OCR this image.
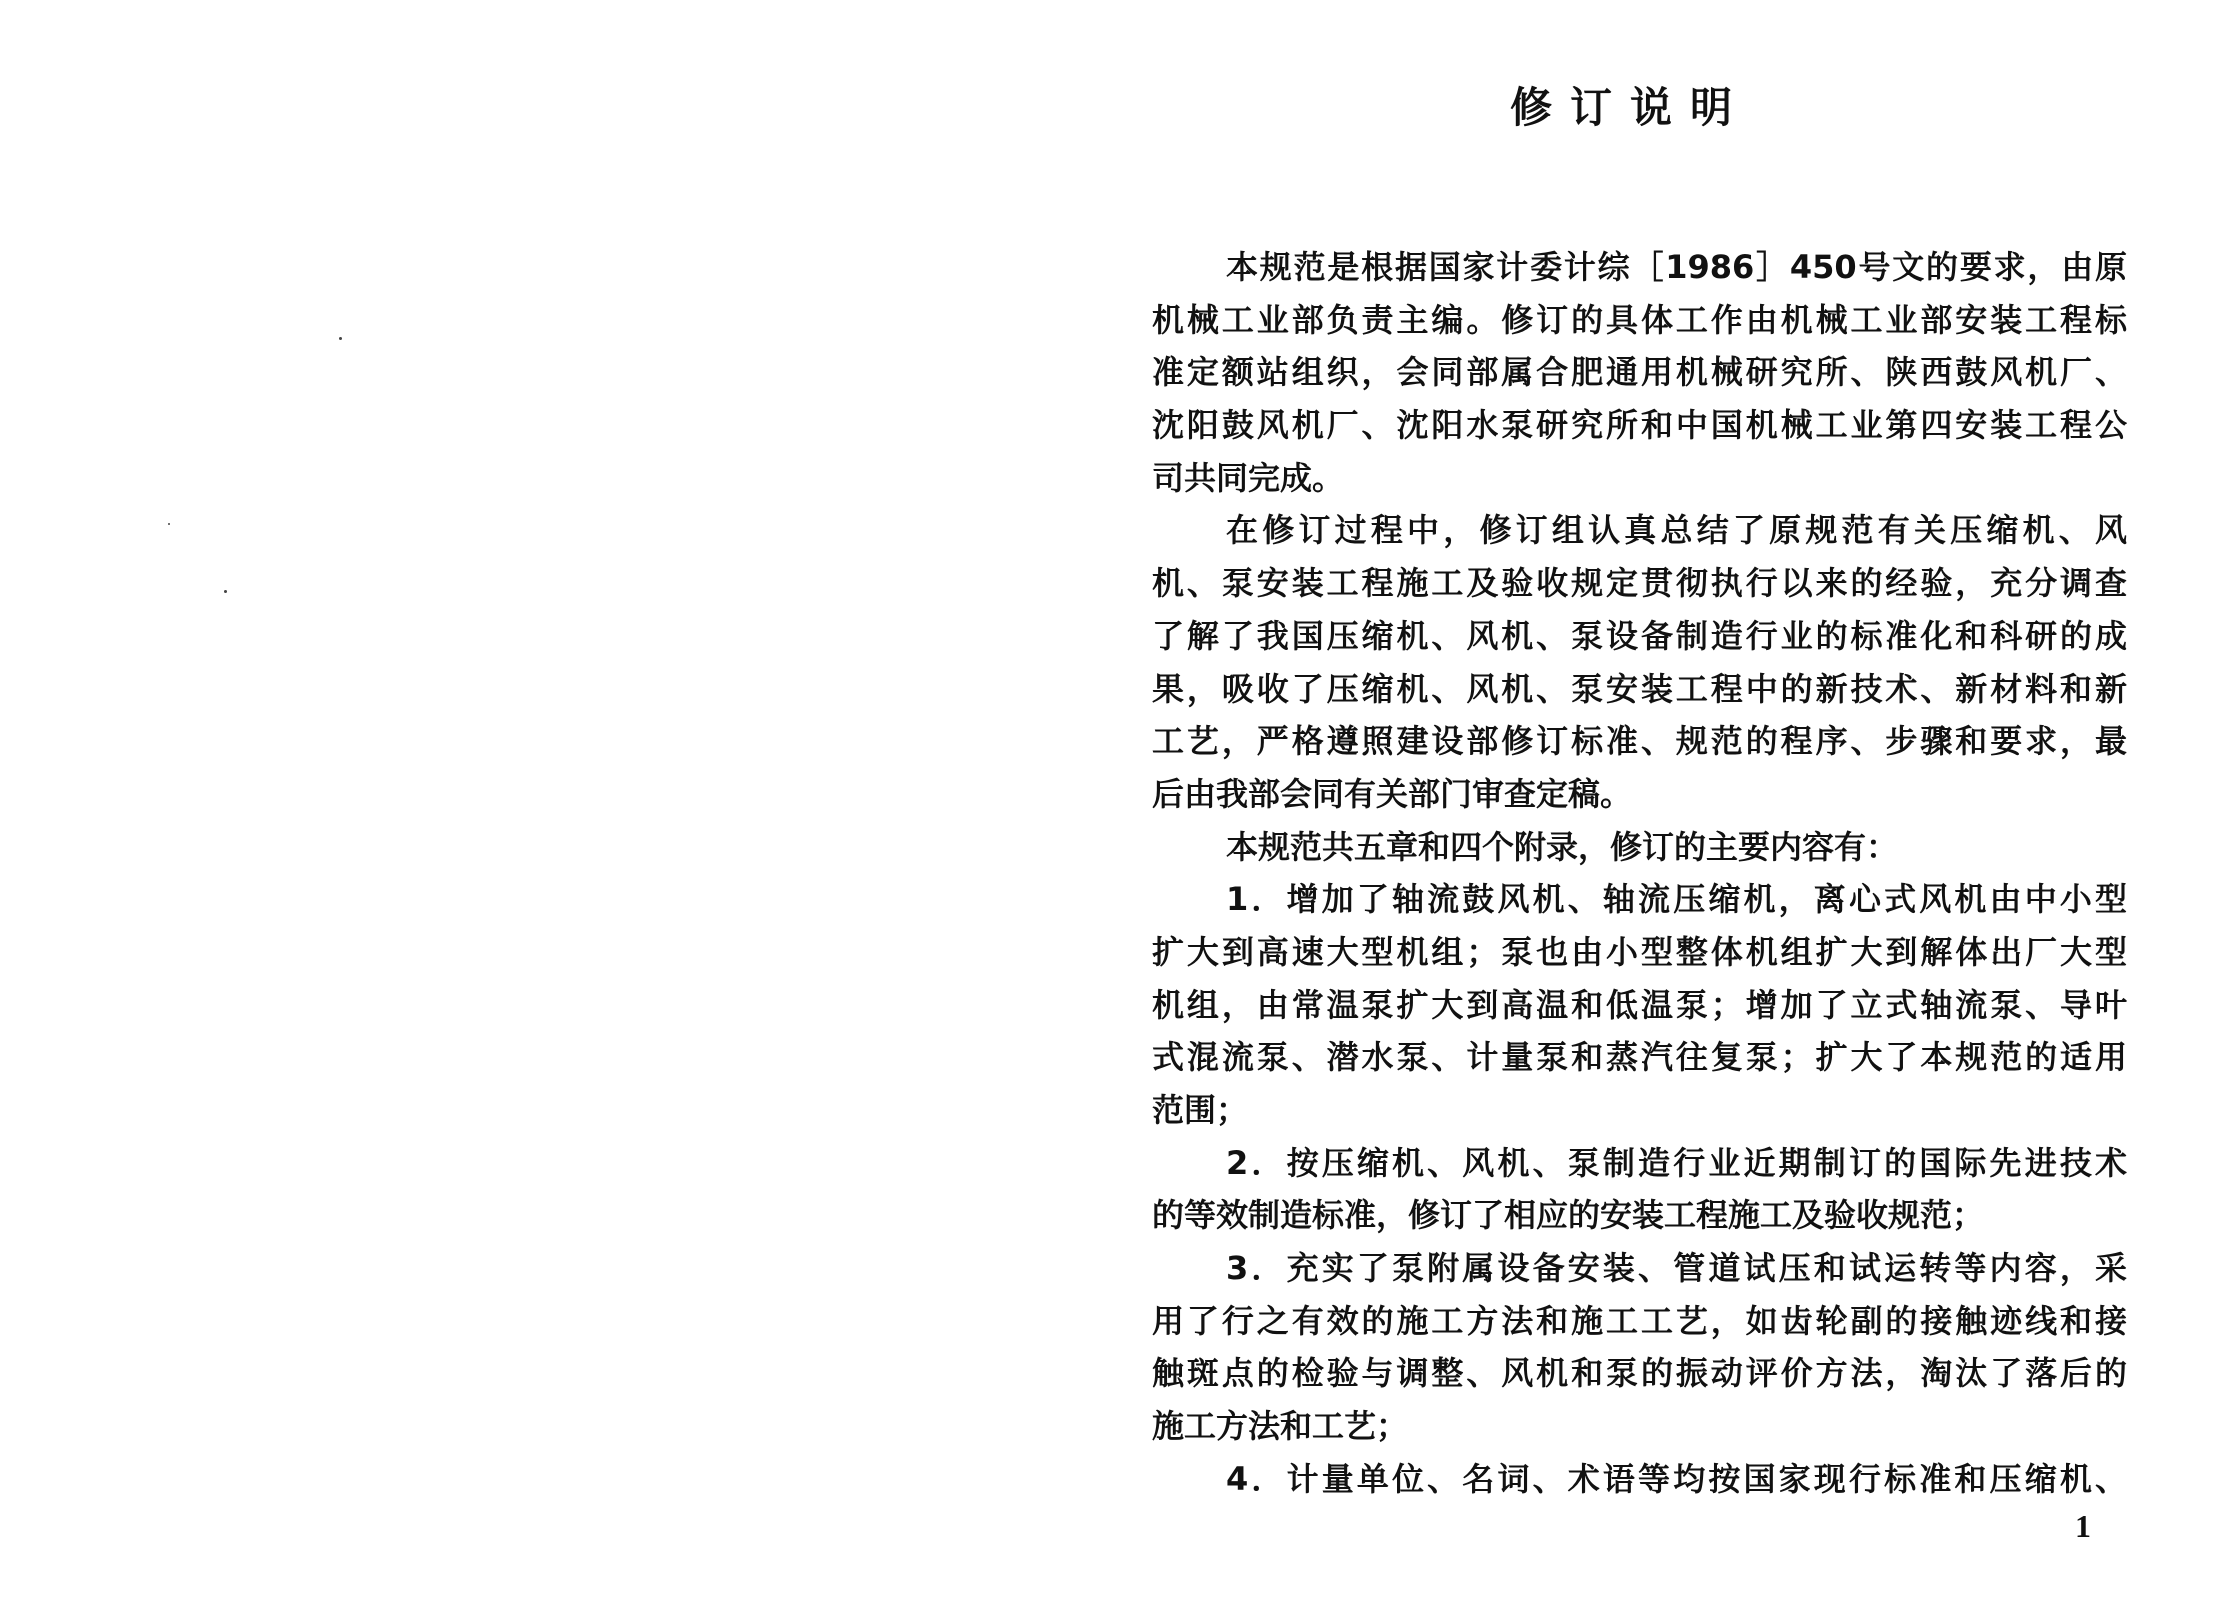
修订说明
本规范是根据国家计委计综［1986］450号文的要求，由原
机械工业部负责主编。修订的具体工作由机械工业部安装工程标
准定额站组织，会同部属合肥通用机械研究所、陕西鼓风机厂、
沈阳鼓风机厂、沈阳水泵研究所和中国机械工业第四安装工程公
司共同完成。
在修订过程中，修订组认真总结了原规范有关压缩机、风
机、泵安装工程施工及验收规定贯彻执行以来的经验，充分调查
了解了我国压缩机、风机、泵设备制造行业的标准化和科研的成
果，吸收了压缩机、风机、泵安装工程中的新技术、新材料和新
工艺，严格遵照建设部修订标准、规范的程序、步骤和要求，最
后由我部会同有关部门审查定稿。
本规范共五章和四个附录，修订的主要内容有：
1．增加了轴流鼓风机、轴流压缩机，离心式风机由中小型
扩大到高速大型机组；泵也由小型整体机组扩大到解体出厂大型
机组，由常温泵扩大到高温和低温泵；增加了立式轴流泵、导叶
式混流泵、潜水泵、计量泵和蒸汽往复泵；扩大了本规范的适用
范围；
2．按压缩机、风机、泵制造行业近期制订的国际先进技术
的等效制造标准，修订了相应的安装工程施工及验收规范；
3．充实了泵附属设备安装、管道试压和试运转等内容，采
用了行之有效的施工方法和施工工艺，如齿轮副的接触迹线和接
触斑点的检验与调整、风机和泵的振动评价方法，淘汰了落后的
施工方法和工艺；
4．计量单位、名词、术语等均按国家现行标准和压缩机、
1
